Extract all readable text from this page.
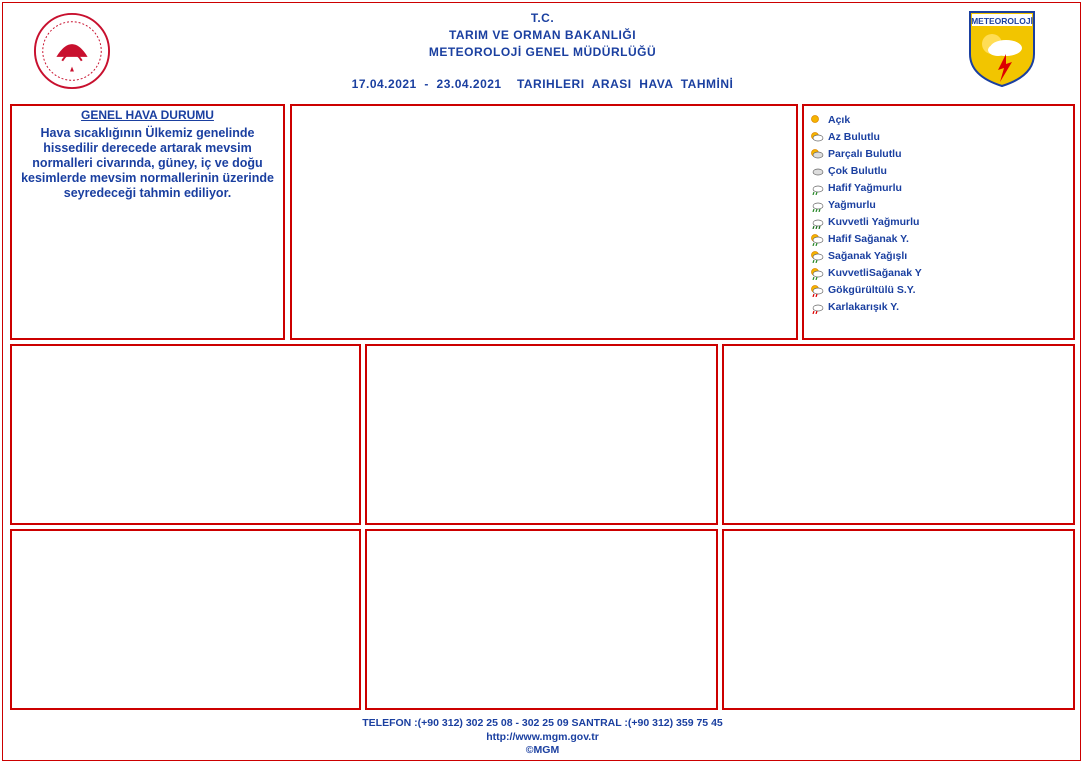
T.C.
TARIM VE ORMAN BAKANLIĞI
METEOROLOJİ GENEL MÜDÜRLÜĞÜ
17.04.2021  -  23.04.2021    TARIHLERI  ARASI  HAVA  TAHMİNİ
METEOROLOJİ
GENEL HAVA DURUMU
Hava sıcaklığının Ülkemiz genelinde hissedilir derecede artarak mevsim normalleri civarında, güney, iç ve doğu kesimlerde mevsim normallerinin üzerinde seyredeceği tahmin ediliyor.
Açık
Az Bulutlu
Parçalı Bulutlu
Çok Bulutlu
Hafif Yağmurlu
Yağmurlu
Kuvvetli Yağmurlu
Hafif Sağanak Y.
Sağanak Yağışlı
KuvvetliSağanak Y
Gökgürültülü S.Y.
Karlakarışık Y.
TELEFON :(+90 312) 302 25 08 - 302 25 09 SANTRAL :(+90 312) 359 75 45
http://www.mgm.gov.tr
©MGM
